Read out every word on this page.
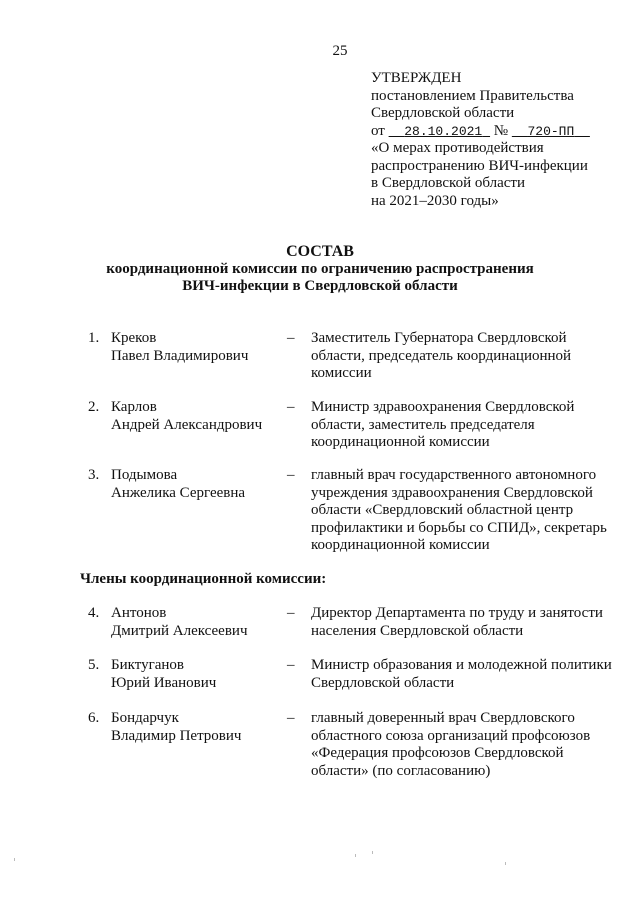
25
УТВЕРЖДЕН
постановлением Правительства
Свердловской области
от 28.10.2021 № 720-ПП
«О мерах противодействия
распространению ВИЧ-инфекции
в Свердловской области
на 2021–2030 годы»
СОСТАВ
координационной комиссии по ограничению распространения
ВИЧ-инфекции в Свердловской области
1. Креков
Павел Владимирович
– Заместитель Губернатора Свердловской
области, председатель координационной
комиссии
2. Карлов
Андрей Александрович
– Министр здравоохранения Свердловской
области, заместитель председателя
координационной комиссии
3. Подымова
Анжелика Сергеевна
– главный врач государственного автономного
учреждения здравоохранения Свердловской
области «Свердловский областной центр
профилактики и борьбы со СПИД», секретарь
координационной комиссии
Члены координационной комиссии:
4. Антонов
Дмитрий Алексеевич
– Директор Департамента по труду и занятости
населения Свердловской области
5. Биктуганов
Юрий Иванович
– Министр образования и молодежной политики
Свердловской области
6. Бондарчук
Владимир Петрович
– главный доверенный врач Свердловского
областного союза организаций профсоюзов
«Федерация профсоюзов Свердловской
области» (по согласованию)
